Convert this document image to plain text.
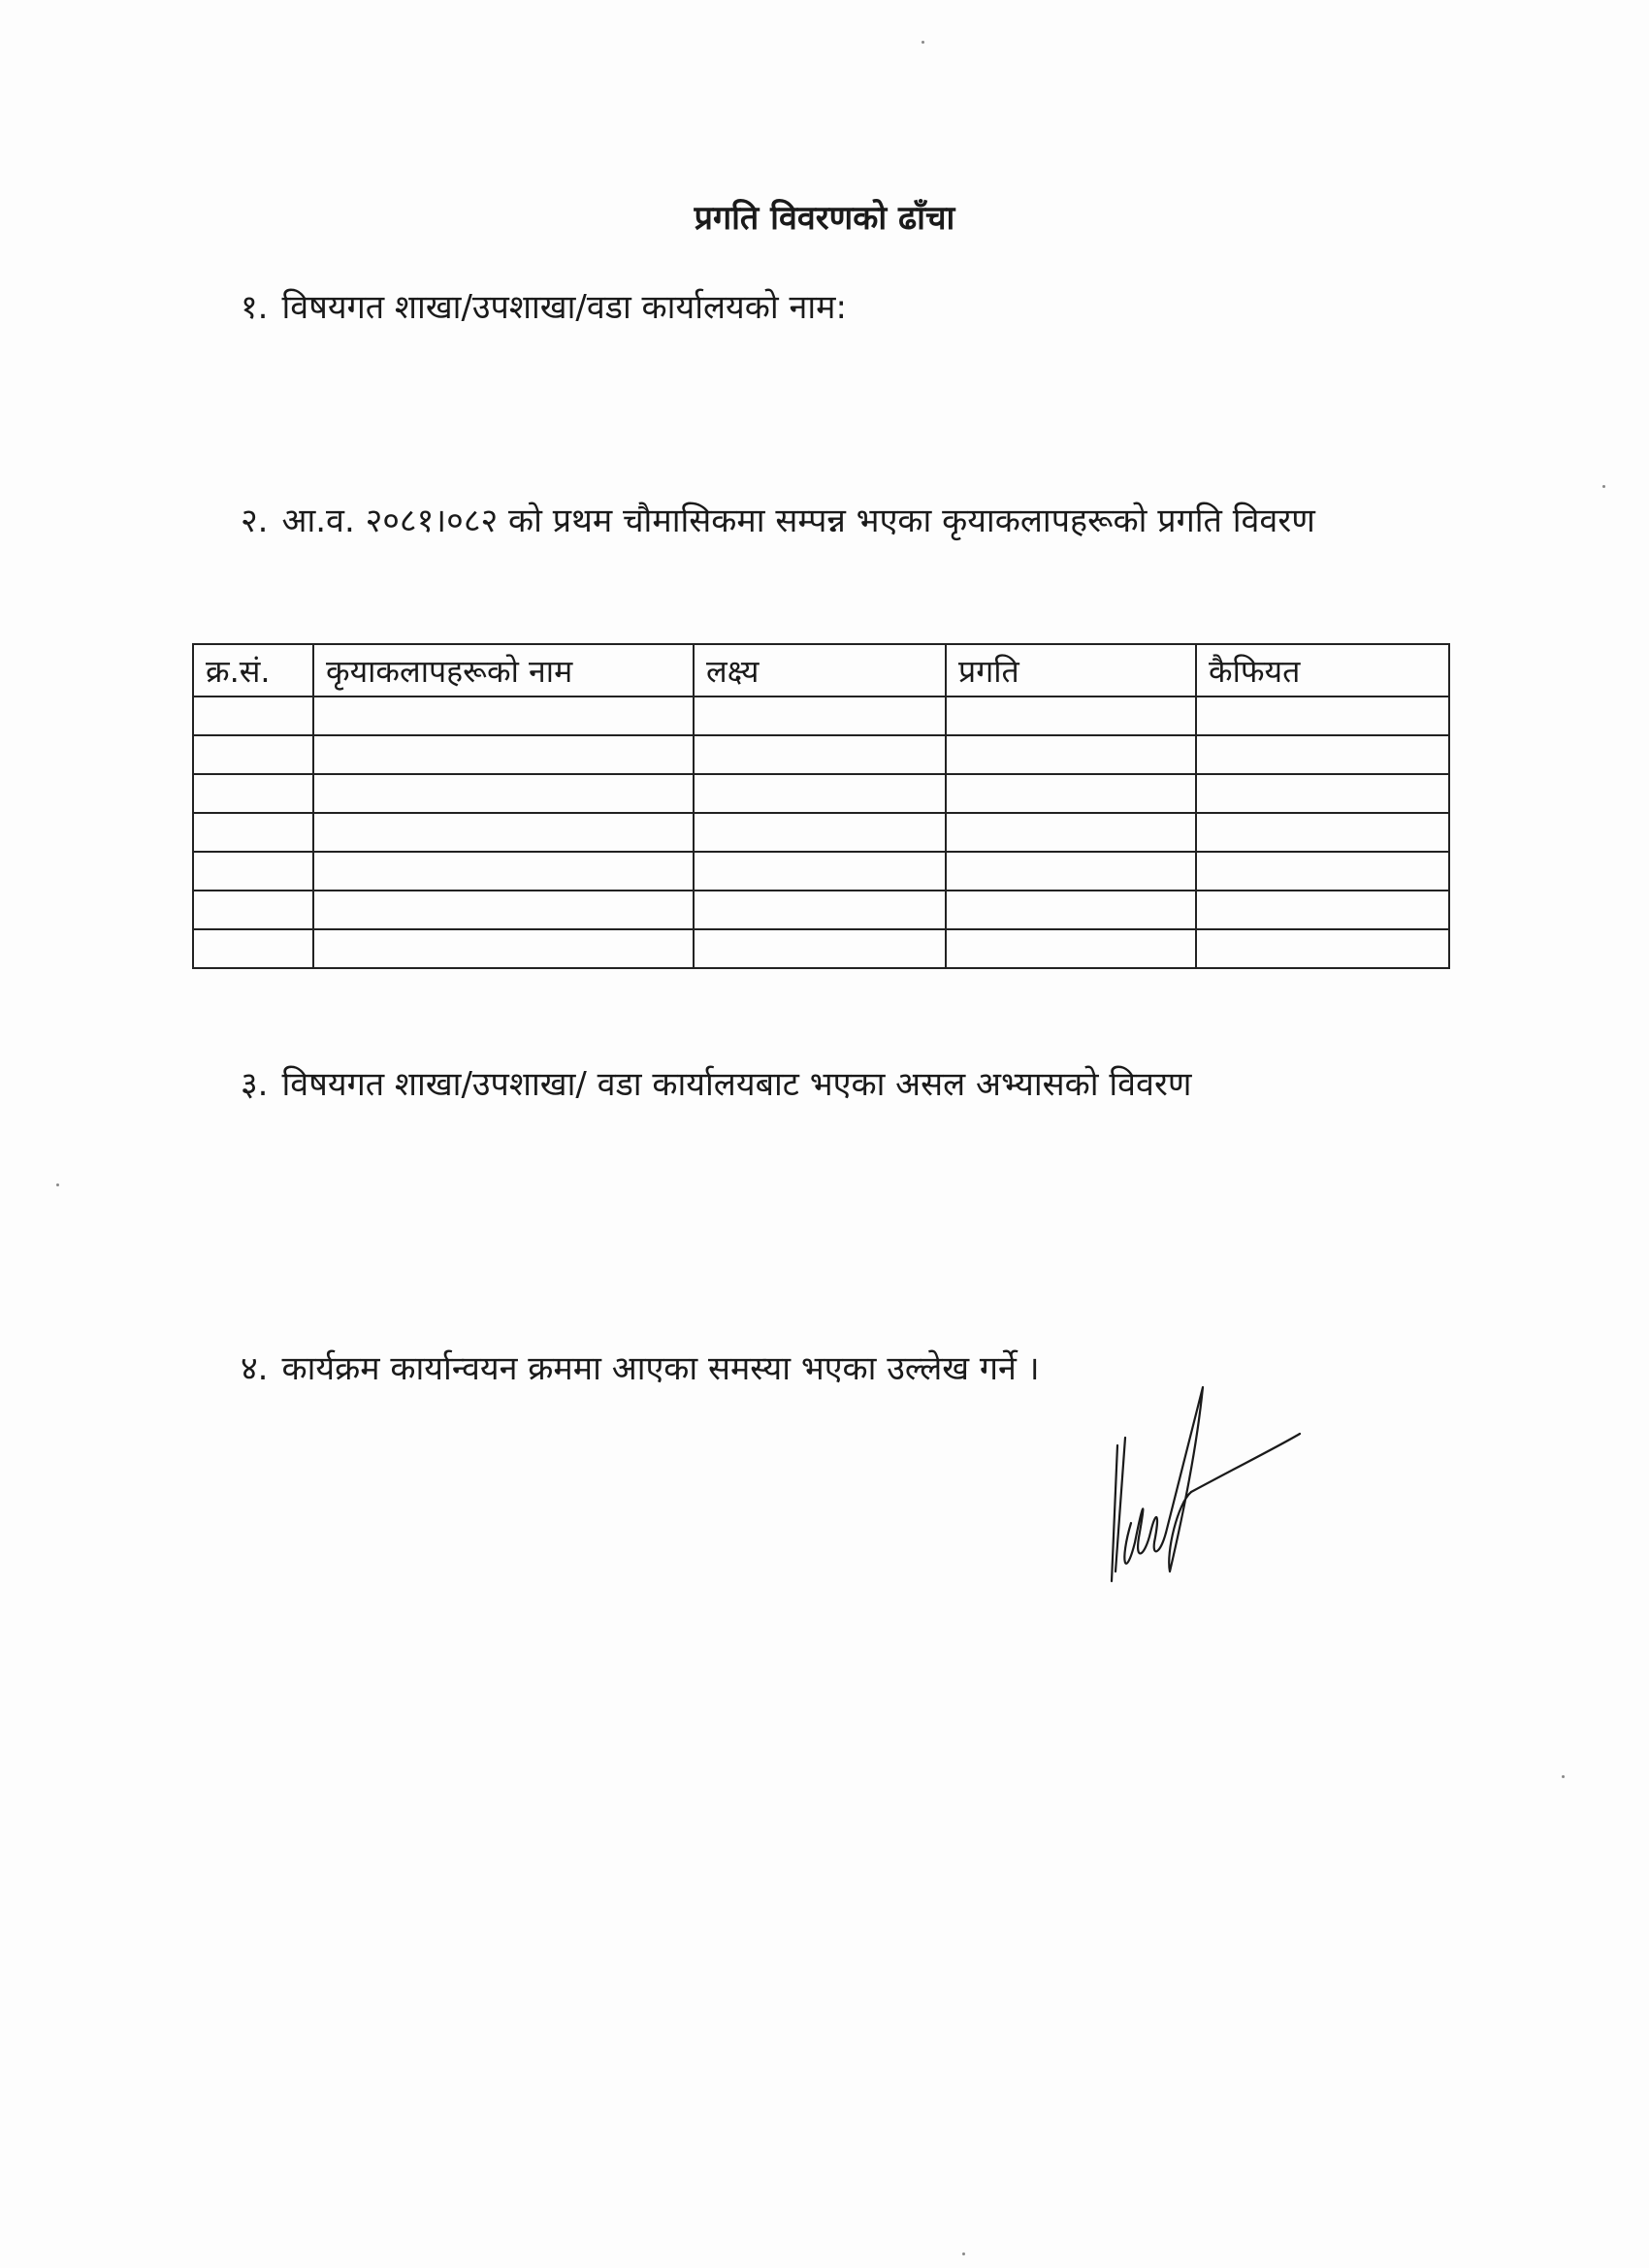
प्रगति विवरणको ढाँचा
१. विषयगत शाखा/उपशाखा/वडा कार्यालयको नाम:
२. आ.व. २०८१।०८२ को प्रथम चौमासिकमा सम्पन्न भएका कृयाकलापहरूको प्रगति विवरण
क्र.सं.	कृयाकलापहरूको नाम	लक्ष्य	प्रगति	कैफियत

३. विषयगत शाखा/उपशाखा/ वडा कार्यालयबाट भएका असल अभ्यासको विवरण
४. कार्यक्रम कार्यान्वयन क्रममा आएका समस्या भएका उल्लेख गर्ने ।
